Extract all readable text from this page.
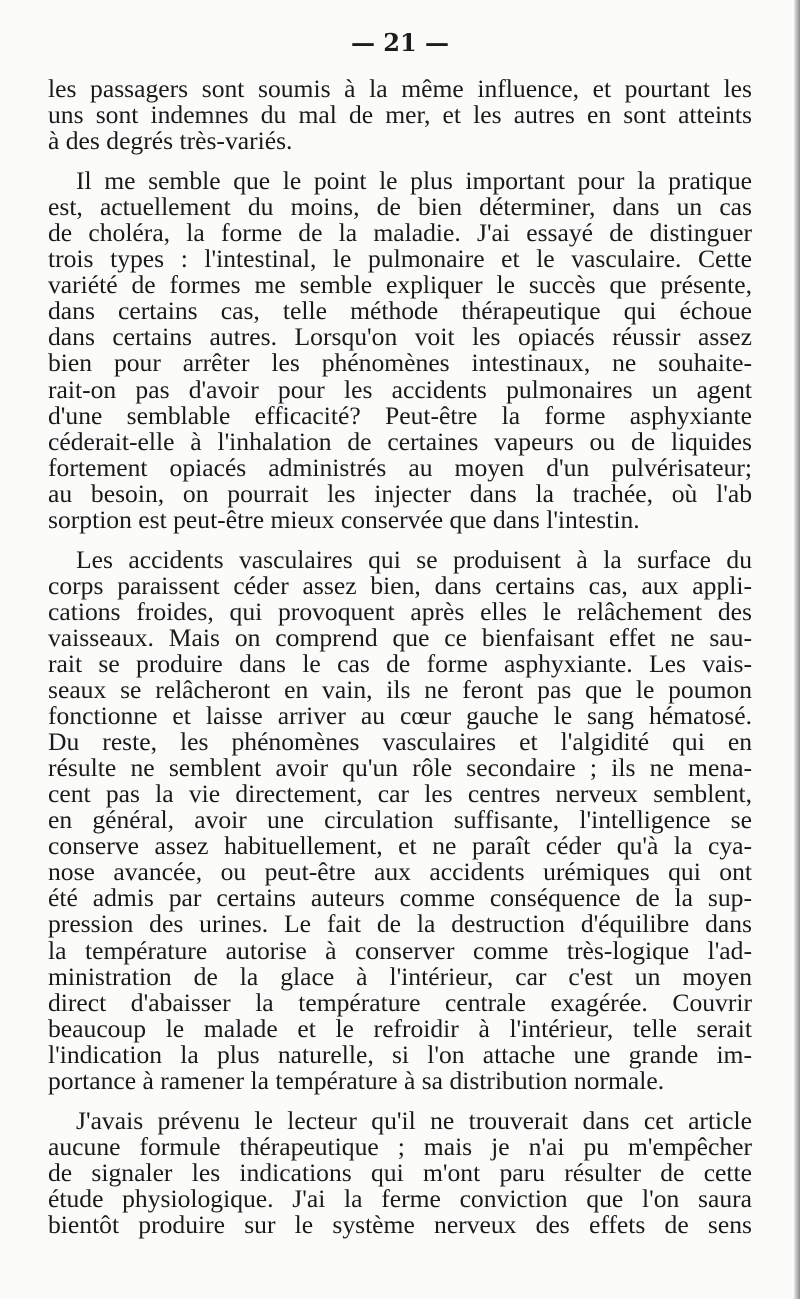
— 21 —
les passagers sont soumis à la même influence, et pourtant les
uns sont indemnes du mal de mer, et les autres en sont atteints
à des degrés très-variés.
Il me semble que le point le plus important pour la pratique
est, actuellement du moins, de bien déterminer, dans un cas
de choléra, la forme de la maladie. J'ai essayé de distinguer
trois types : l'intestinal, le pulmonaire et le vasculaire. Cette
variété de formes me semble expliquer le succès que présente,
dans certains cas, telle méthode thérapeutique qui échoue
dans certains autres. Lorsqu'on voit les opiacés réussir assez
bien pour arrêter les phénomènes intestinaux, ne souhaite-
rait-on pas d'avoir pour les accidents pulmonaires un agent
d'une semblable efficacité? Peut-être la forme asphyxiante
céderait-elle à l'inhalation de certaines vapeurs ou de liquides
fortement opiacés administrés au moyen d'un pulvérisateur;
au besoin, on pourrait les injecter dans la trachée, où l'ab
sorption est peut-être mieux conservée que dans l'intestin.
Les accidents vasculaires qui se produisent à la surface du
corps paraissent céder assez bien, dans certains cas, aux appli-
cations froides, qui provoquent après elles le relâchement des
vaisseaux. Mais on comprend que ce bienfaisant effet ne sau-
rait se produire dans le cas de forme asphyxiante. Les vais-
seaux se relâcheront en vain, ils ne feront pas que le poumon
fonctionne et laisse arriver au cœur gauche le sang hématosé.
Du reste, les phénomènes vasculaires et l'algidité qui en
résulte ne semblent avoir qu'un rôle secondaire ; ils ne mena-
cent pas la vie directement, car les centres nerveux semblent,
en général, avoir une circulation suffisante, l'intelligence se
conserve assez habituellement, et ne paraît céder qu'à la cya-
nose avancée, ou peut-être aux accidents urémiques qui ont
été admis par certains auteurs comme conséquence de la sup-
pression des urines. Le fait de la destruction d'équilibre dans
la température autorise à conserver comme très-logique l'ad-
ministration de la glace à l'intérieur, car c'est un moyen
direct d'abaisser la température centrale exagérée. Couvrir
beaucoup le malade et le refroidir à l'intérieur, telle serait
l'indication la plus naturelle, si l'on attache une grande im-
portance à ramener la température à sa distribution normale.
J'avais prévenu le lecteur qu'il ne trouverait dans cet article
aucune formule thérapeutique ; mais je n'ai pu m'empêcher
de signaler les indications qui m'ont paru résulter de cette
étude physiologique. J'ai la ferme conviction que l'on saura
bientôt produire sur le système nerveux des effets de sens
